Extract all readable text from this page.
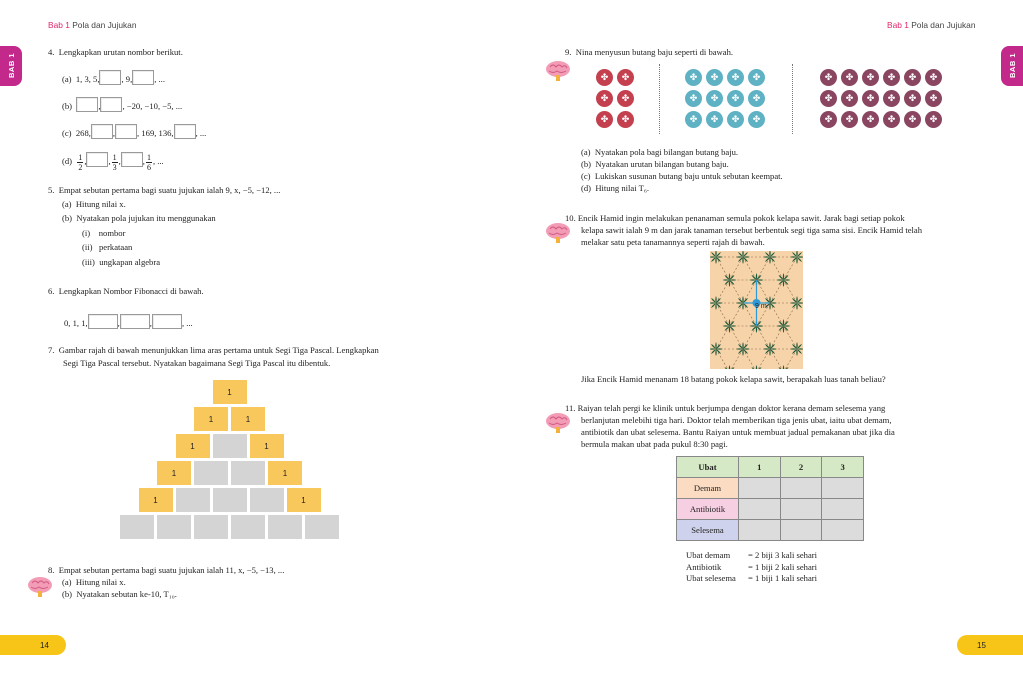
Bab 1 Pola dan Jujukan	Bab 1 Pola dan Jujukan
BAB 1	BAB 1
4. Lengkapkan urutan nombor berikut.
(a) 1, 3, 5,	, 9,	, ...
(b)	,	, −20, −10, −5, ...
(c) 268,	,	, 169, 136,	, ...
$(d) \frac{1}{2}$ ,	, $\frac{1}{3}$ ,	, $\frac{1}{6}$ , ...
5. Empat sebutan pertama bagi suatu jujukan ialah 9, x, −5, −12, ...
(a) Hitung nilai x.
(b) Nyatakan pola jujukan itu menggunakan
(i) nombor
(ii) perkataan
(iii) ungkapan algebra
6. Lengkapkan Nombor Fibonacci di bawah.
0, 1, 1,	,	,	, ...
7. Gambar rajah di bawah menunjukkan lima aras pertama untuk Segi Tiga Pascal. Lengkapkan
Segi Tiga Pascal tersebut. Nyatakan bagaimana Segi Tiga Pascal itu dibentuk.
1
1	1
1	1
1	1
1	1
8. Empat sebutan pertama bagi suatu jujukan ialah 11, x, −5, −13, ...
(a) Hitung nilai x.
(b) Nyatakan sebutan ke-10, T₁₀.
9. Nina menyusun butang baju seperti di bawah.
✤
✤
✤
✤
✤
✤
✤
✤
✤
✤
✤
✤
✤
✤
✤
✤
✤
✤
✤
✤
✤
✤
✤
✤
✤
✤
✤
✤
✤
✤
✤
✤
✤
✤
✤
✤
(a) Nyatakan pola bagi bilangan butang baju.
(b) Nyatakan urutan bilangan butang baju.
(c) Lukiskan susunan butang baju untuk sebutan keempat.
(d) Hitung nilai T₆.
10. Encik Hamid ingin melakukan penanaman semula pokok kelapa sawit. Jarak bagi setiap pokok
kelapa sawit ialah 9 m dan jarak tanaman tersebut berbentuk segi tiga sama sisi. Encik Hamid telah
melakar satu peta tanamannya seperti rajah di bawah.
9 m
Jika Encik Hamid menanam 18 batang pokok kelapa sawit, berapakah luas tanah beliau?
11. Raiyan telah pergi ke klinik untuk berjumpa dengan doktor kerana demam selesema yang
berlanjutan melebihi tiga hari. Doktor telah memberikan tiga jenis ubat, iaitu ubat demam,
antibiotik dan ubat selesema. Bantu Raiyan untuk membuat jadual pemakanan ubat jika dia
bermula makan ubat pada pukul 8:30 pagi.
Ubat	1	2	3
Demam			
Antibiotik			
Selesema			
Ubat demam = 2 biji 3 kali sehari
Antibiotik	= 1 biji 2 kali sehari
Ubat selesema = 1 biji 1 kali sehari
14	15
